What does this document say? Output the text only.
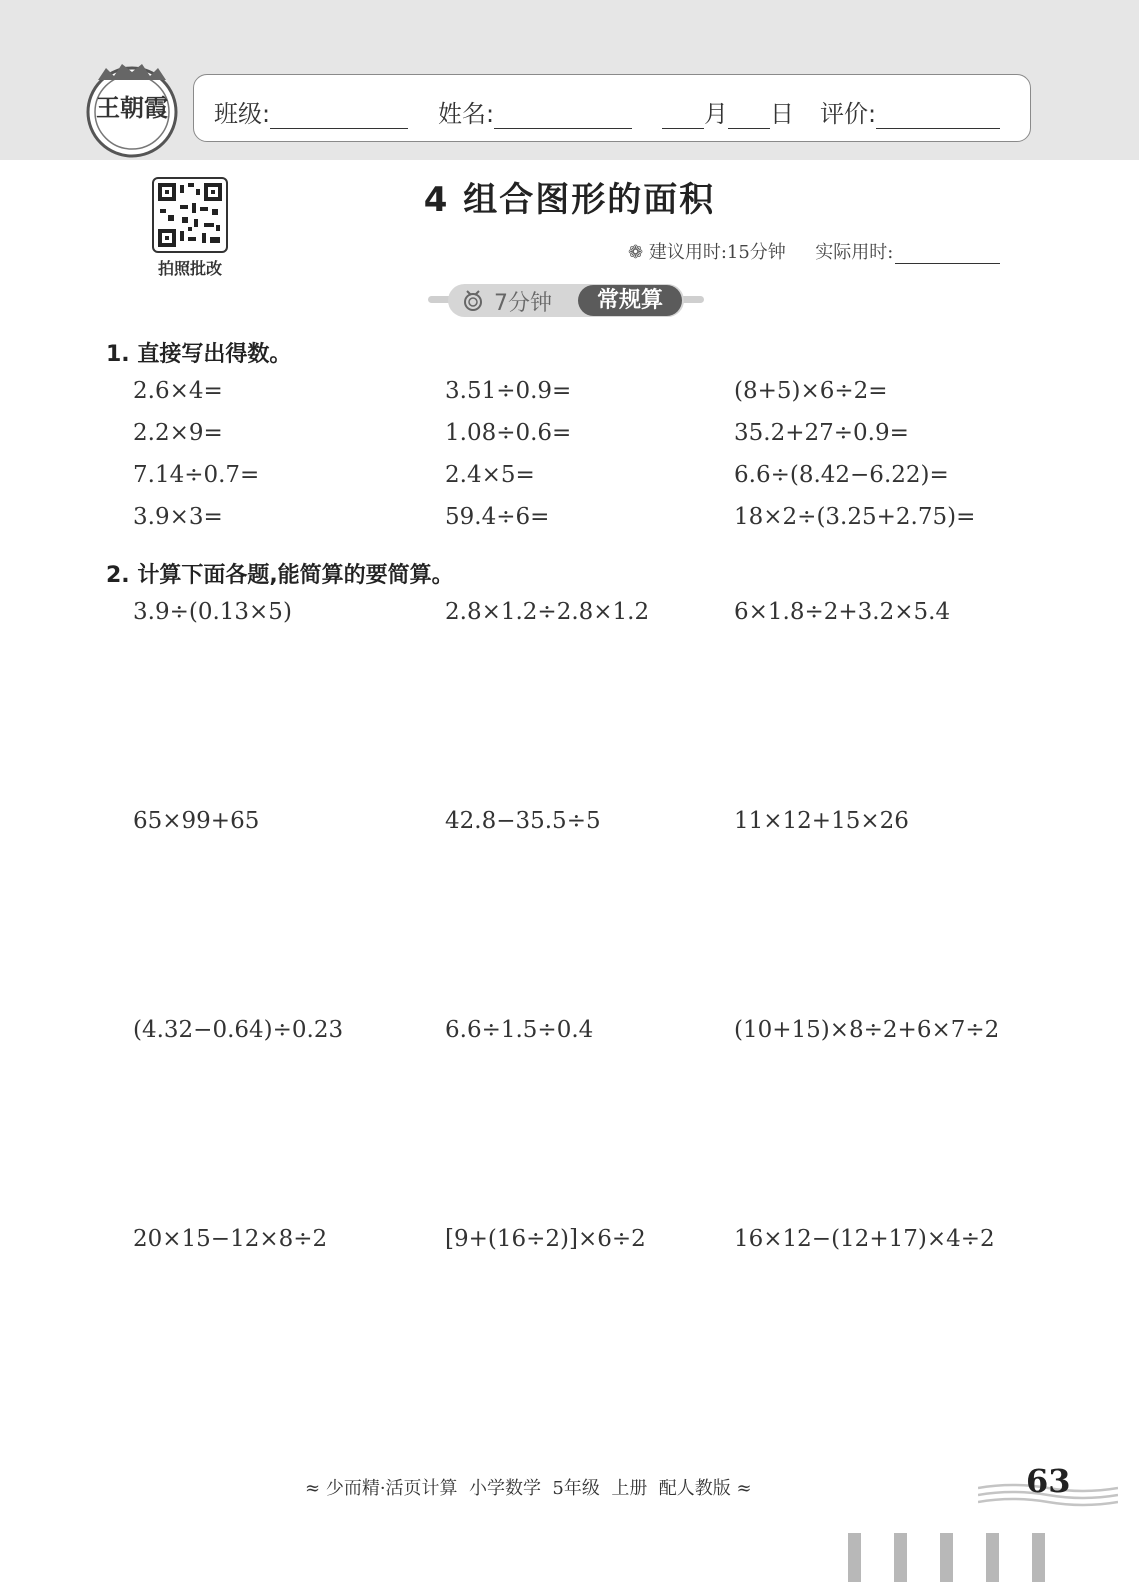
王朝霞	班级:	姓名:	月 日 评价:
拍照批改
4 组合图形的面积
❁ 建议用时:15分钟 实际用时:
7分钟	常规算
1. 直接写出得数。
2.6×4=	3.51÷0.9=	(8+5)×6÷2=
2.2×9=	1.08÷0.6=	35.2+27÷0.9=
7.14÷0.7=	2.4×5=	6.6÷(8.42−6.22)=
3.9×3=	59.4÷6=	18×2÷(3.25+2.75)=
2. 计算下面各题,能简算的要简算。
3.9÷(0.13×5)	2.8×1.2÷2.8×1.2	6×1.8÷2+3.2×5.4
65×99+65	42.8−35.5÷5	11×12+15×26
(4.32−0.64)÷0.23	6.6÷1.5÷0.4	(10+15)×8÷2+6×7÷2
20×15−12×8÷2	[9+(16÷2)]×6÷2	16×12−(12+17)×4÷2
≈ 少而精·活页计算  小学数学  5年级  上册  配人教版 ≈	63
